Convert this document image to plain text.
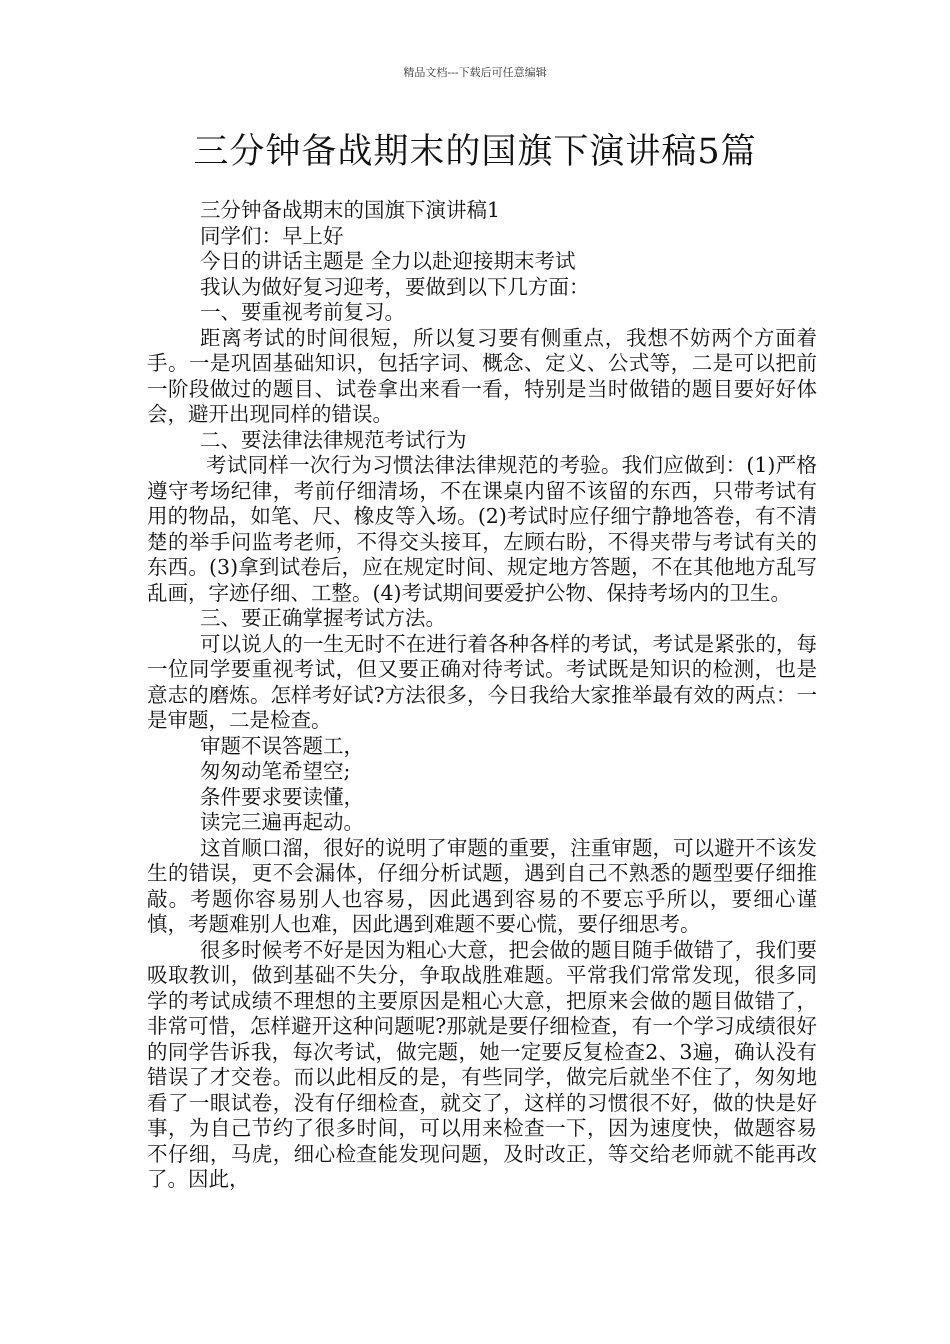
精品文档---下载后可任意编辑
三分钟备战期末的国旗下演讲稿5篇

三分钟备战期末的国旗下演讲稿1

同学们：早上好

今日的讲话主题是 全力以赴迎接期末考试

我认为做好复习迎考，要做到以下几方面：

一、要重视考前复习。

距离考试的时间很短，所以复习要有侧重点，我想不妨两个方面着手。一是巩固基础知识，包括字词、概念、定义、公式等，二是可以把前一阶段做过的题目、试卷拿出来看一看，特别是当时做错的题目要好好体会，避开出现同样的错误。

二、要法律法律规范考试行为

考试同样一次行为习惯法律法律规范的考验。我们应做到：(1)严格遵守考场纪律，考前仔细清场，不在课桌内留不该留的东西，只带考试有用的物品，如笔、尺、橡皮等入场。(2)考试时应仔细宁静地答卷，有不清楚的举手问监考老师，不得交头接耳，左顾右盼，不得夹带与考试有关的东西。(3)拿到试卷后，应在规定时间、规定地方答题，不在其他地方乱写乱画，字迹仔细、工整。(4)考试期间要爱护公物、保持考场内的卫生。

三、要正确掌握考试方法。

可以说人的一生无时不在进行着各种各样的考试，考试是紧张的，每一位同学要重视考试，但又要正确对待考试。考试既是知识的检测，也是意志的磨炼。怎样考好试?方法很多，今日我给大家推举最有效的两点：一是审题，二是检查。

审题不误答题工，

匆匆动笔希望空;

条件要求要读懂，

读完三遍再起动。

这首顺口溜，很好的说明了审题的重要，注重审题，可以避开不该发生的错误，更不会漏体，仔细分析试题，遇到自己不熟悉的题型要仔细推敲。考题你容易别人也容易，因此遇到容易的不要忘乎所以，要细心谨慎，考题难别人也难，因此遇到难题不要心慌，要仔细思考。

很多时候考不好是因为粗心大意，把会做的题目随手做错了，我们要吸取教训，做到基础不失分，争取战胜难题。平常我们常常发现，很多同学的考试成绩不理想的主要原因是粗心大意，把原来会做的题目做错了，非常可惜，怎样避开这种问题呢?那就是要仔细检查，有一个学习成绩很好的同学告诉我，每次考试，做完题，她一定要反复检查2、3遍，确认没有错误了才交卷。而以此相反的是，有些同学，做完后就坐不住了，匆匆地看了一眼试卷，没有仔细检查，就交了，这样的习惯很不好，做的快是好事，为自己节约了很多时间，可以用来检查一下，因为速度快，做题容易不仔细，马虎，细心检查能发现问题，及时改正，等交给老师就不能再改了。因此，
